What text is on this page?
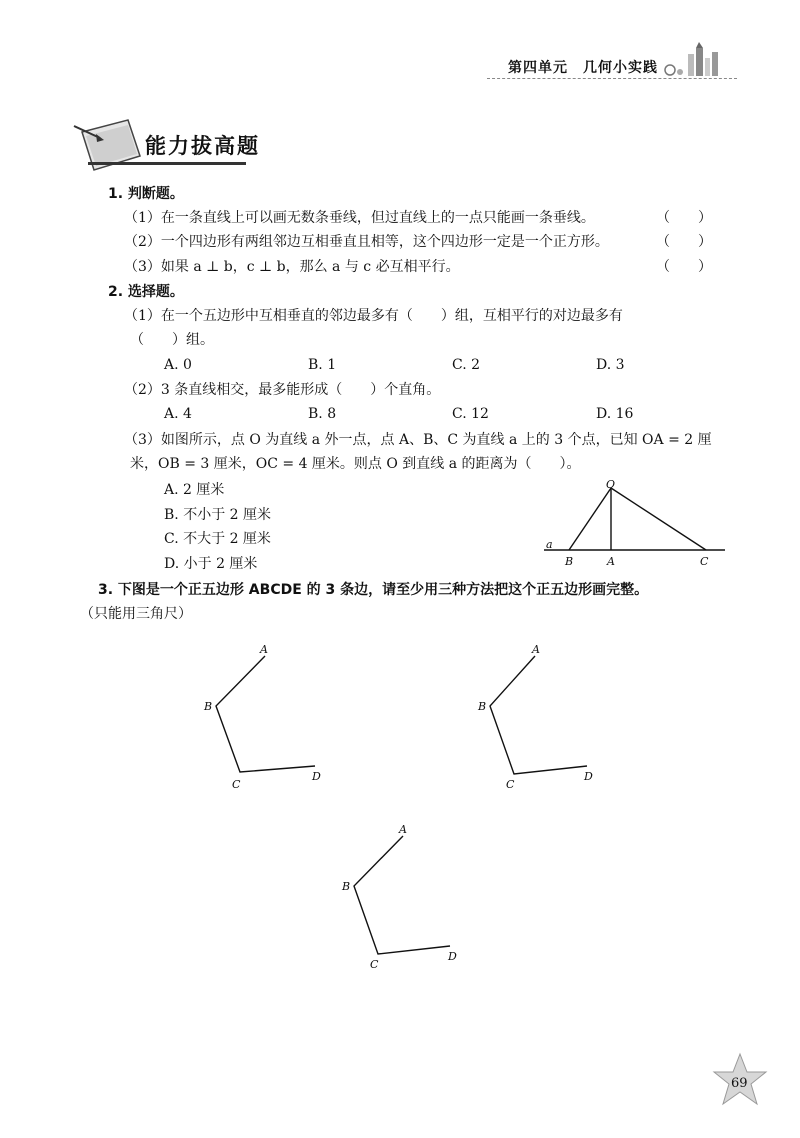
第四单元　几何小实践
能力拔高题
1. 判断题。
（1）在一条直线上可以画无数条垂线，但过直线上的一点只能画一条垂线。	（　　）
（2）一个四边形有两组邻边互相垂直且相等，这个四边形一定是一个正方形。	（　　）
（3）如果 a ⊥ b，c ⊥ b，那么 a 与 c 必互相平行。	（　　）
2. 选择题。
（1）在一个五边形中互相垂直的邻边最多有（　　）组，互相平行的对边最多有
（　　）组。
A. 0	B. 1	C. 2	D. 3
（2）3 条直线相交，最多能形成（　　）个直角。
A. 4	B. 8	C. 12	D. 16
（3）如图所示，点 O 为直线 a 外一点，点 A、B、C 为直线 a 上的 3 个点，已知 OA = 2 厘
米，OB = 3 厘米，OC = 4 厘米。则点 O 到直线 a 的距离为（　　）。
A. 2 厘米
B. 不小于 2 厘米
C. 不大于 2 厘米
D. 小于 2 厘米
O
a
B	A	C
3. 下图是一个正五边形 ABCDE 的 3 条边，请至少用三种方法把这个正五边形画完整。
（只能用三角尺）
A
B
C
D
A
B
C
D
A
B
C
D
69
